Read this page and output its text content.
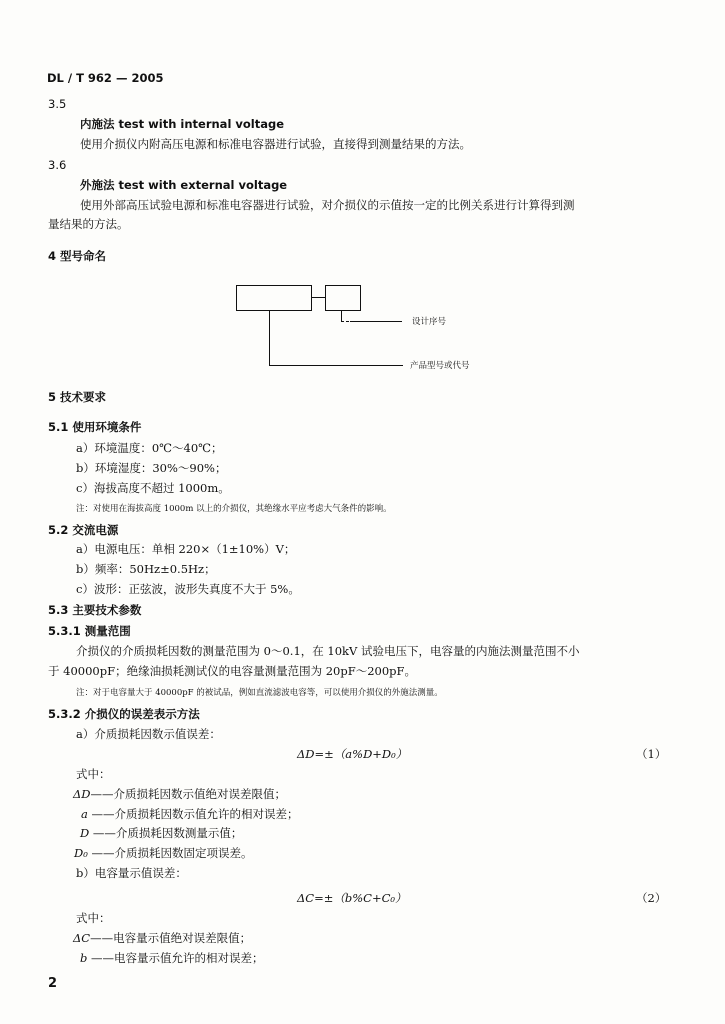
DL / T 962 — 2005
3.5
内施法 test with internal voltage
使用介损仪内附高压电源和标准电容器进行试验，直接得到测量结果的方法。
3.6
外施法 test with external voltage
使用外部高压试验电源和标准电容器进行试验，对介损仪的示值按一定的比例关系进行计算得到测
量结果的方法。
4 型号命名
设计序号
产品型号或代号
5 技术要求
5.1 使用环境条件
a）环境温度：0℃～40℃；
b）环境湿度：30%～90%；
c）海拔高度不超过 1000m。
注：对使用在海拔高度 1000m 以上的介损仪，其绝缘水平应考虑大气条件的影响。
5.2 交流电源
a）电源电压：单相 220×（1±10%）V；
b）频率：50Hz±0.5Hz；
c）波形：正弦波，波形失真度不大于 5%。
5.3 主要技术参数
5.3.1 测量范围
介损仪的介质损耗因数的测量范围为 0～0.1，在 10kV 试验电压下，电容量的内施法测量范围不小
于 40000pF；绝缘油损耗测试仪的电容量测量范围为 20pF～200pF。
注：对于电容量大于 40000pF 的被试品，例如直流滤波电容等，可以使用介损仪的外施法测量。
5.3.2 介损仪的误差表示方法
a）介质损耗因数示值误差：
ΔD=±（a%D+D₀）	（1）
式中：
ΔD——介质损耗因数示值绝对误差限值；
a ——介质损耗因数示值允许的相对误差；
D ——介质损耗因数测量示值；
D₀ ——介质损耗因数固定项误差。
b）电容量示值误差：
ΔC=±（b%C+C₀）	（2）
式中：
ΔC——电容量示值绝对误差限值；
b ——电容量示值允许的相对误差；
2
